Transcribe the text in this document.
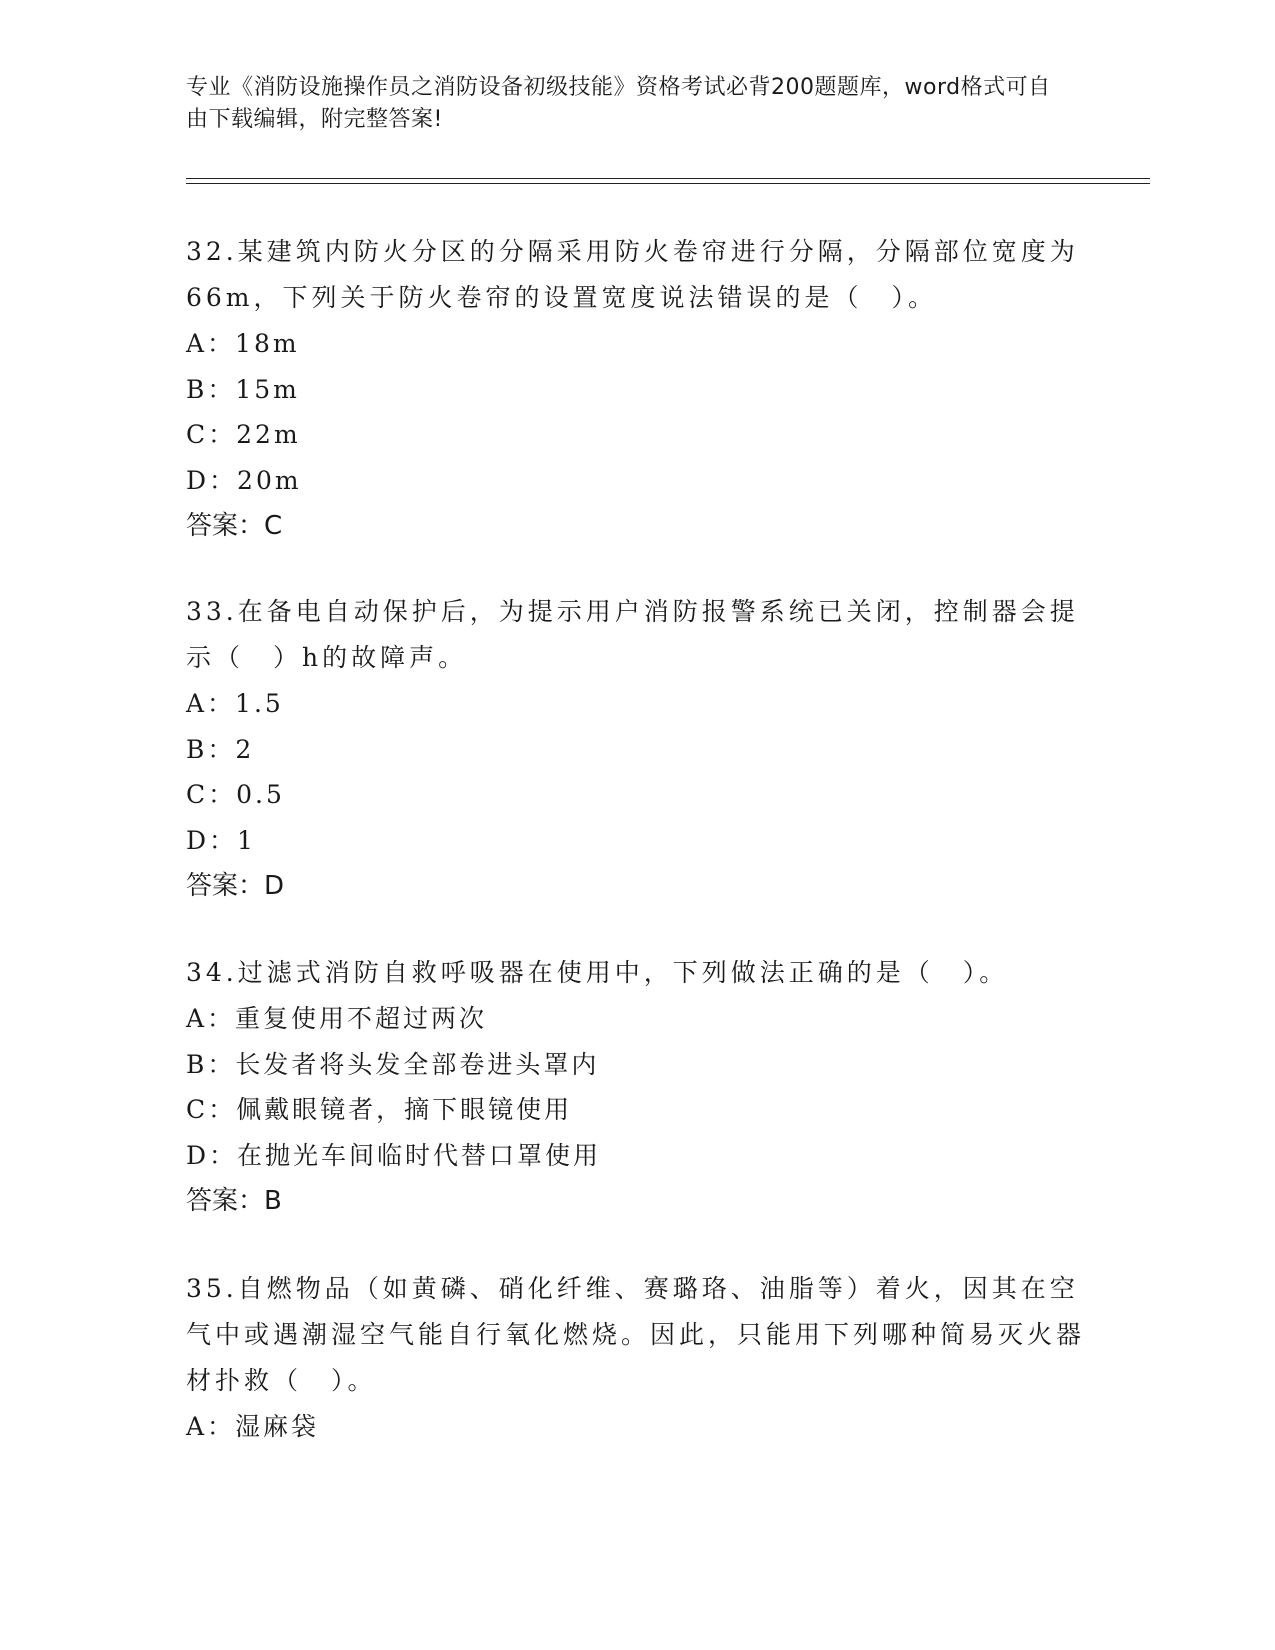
专业《消防设施操作员之消防设备初级技能》资格考试必背200题题库，word格式可自由下载编辑，附完整答案!

32.某建筑内防火分区的分隔采用防火卷帘进行分隔，分隔部位宽度为66m，下列关于防火卷帘的设置宽度说法错误的是（　）。

A：18m

B：15m

C：22m

D：20m

答案：C

33.在备电自动保护后，为提示用户消防报警系统已关闭，控制器会提示（　）h的故障声。

A：1.5

B：2

C：0.5

D：1

答案：D

34.过滤式消防自救呼吸器在使用中，下列做法正确的是（　）。

A：重复使用不超过两次

B：长发者将头发全部卷进头罩内

C：佩戴眼镜者，摘下眼镜使用

D：在抛光车间临时代替口罩使用

答案：B

35.自燃物品（如黄磷、硝化纤维、赛璐珞、油脂等）着火，因其在空气中或遇潮湿空气能自行氧化燃烧。因此，只能用下列哪种简易灭火器材扑救（　）。

A：湿麻袋
